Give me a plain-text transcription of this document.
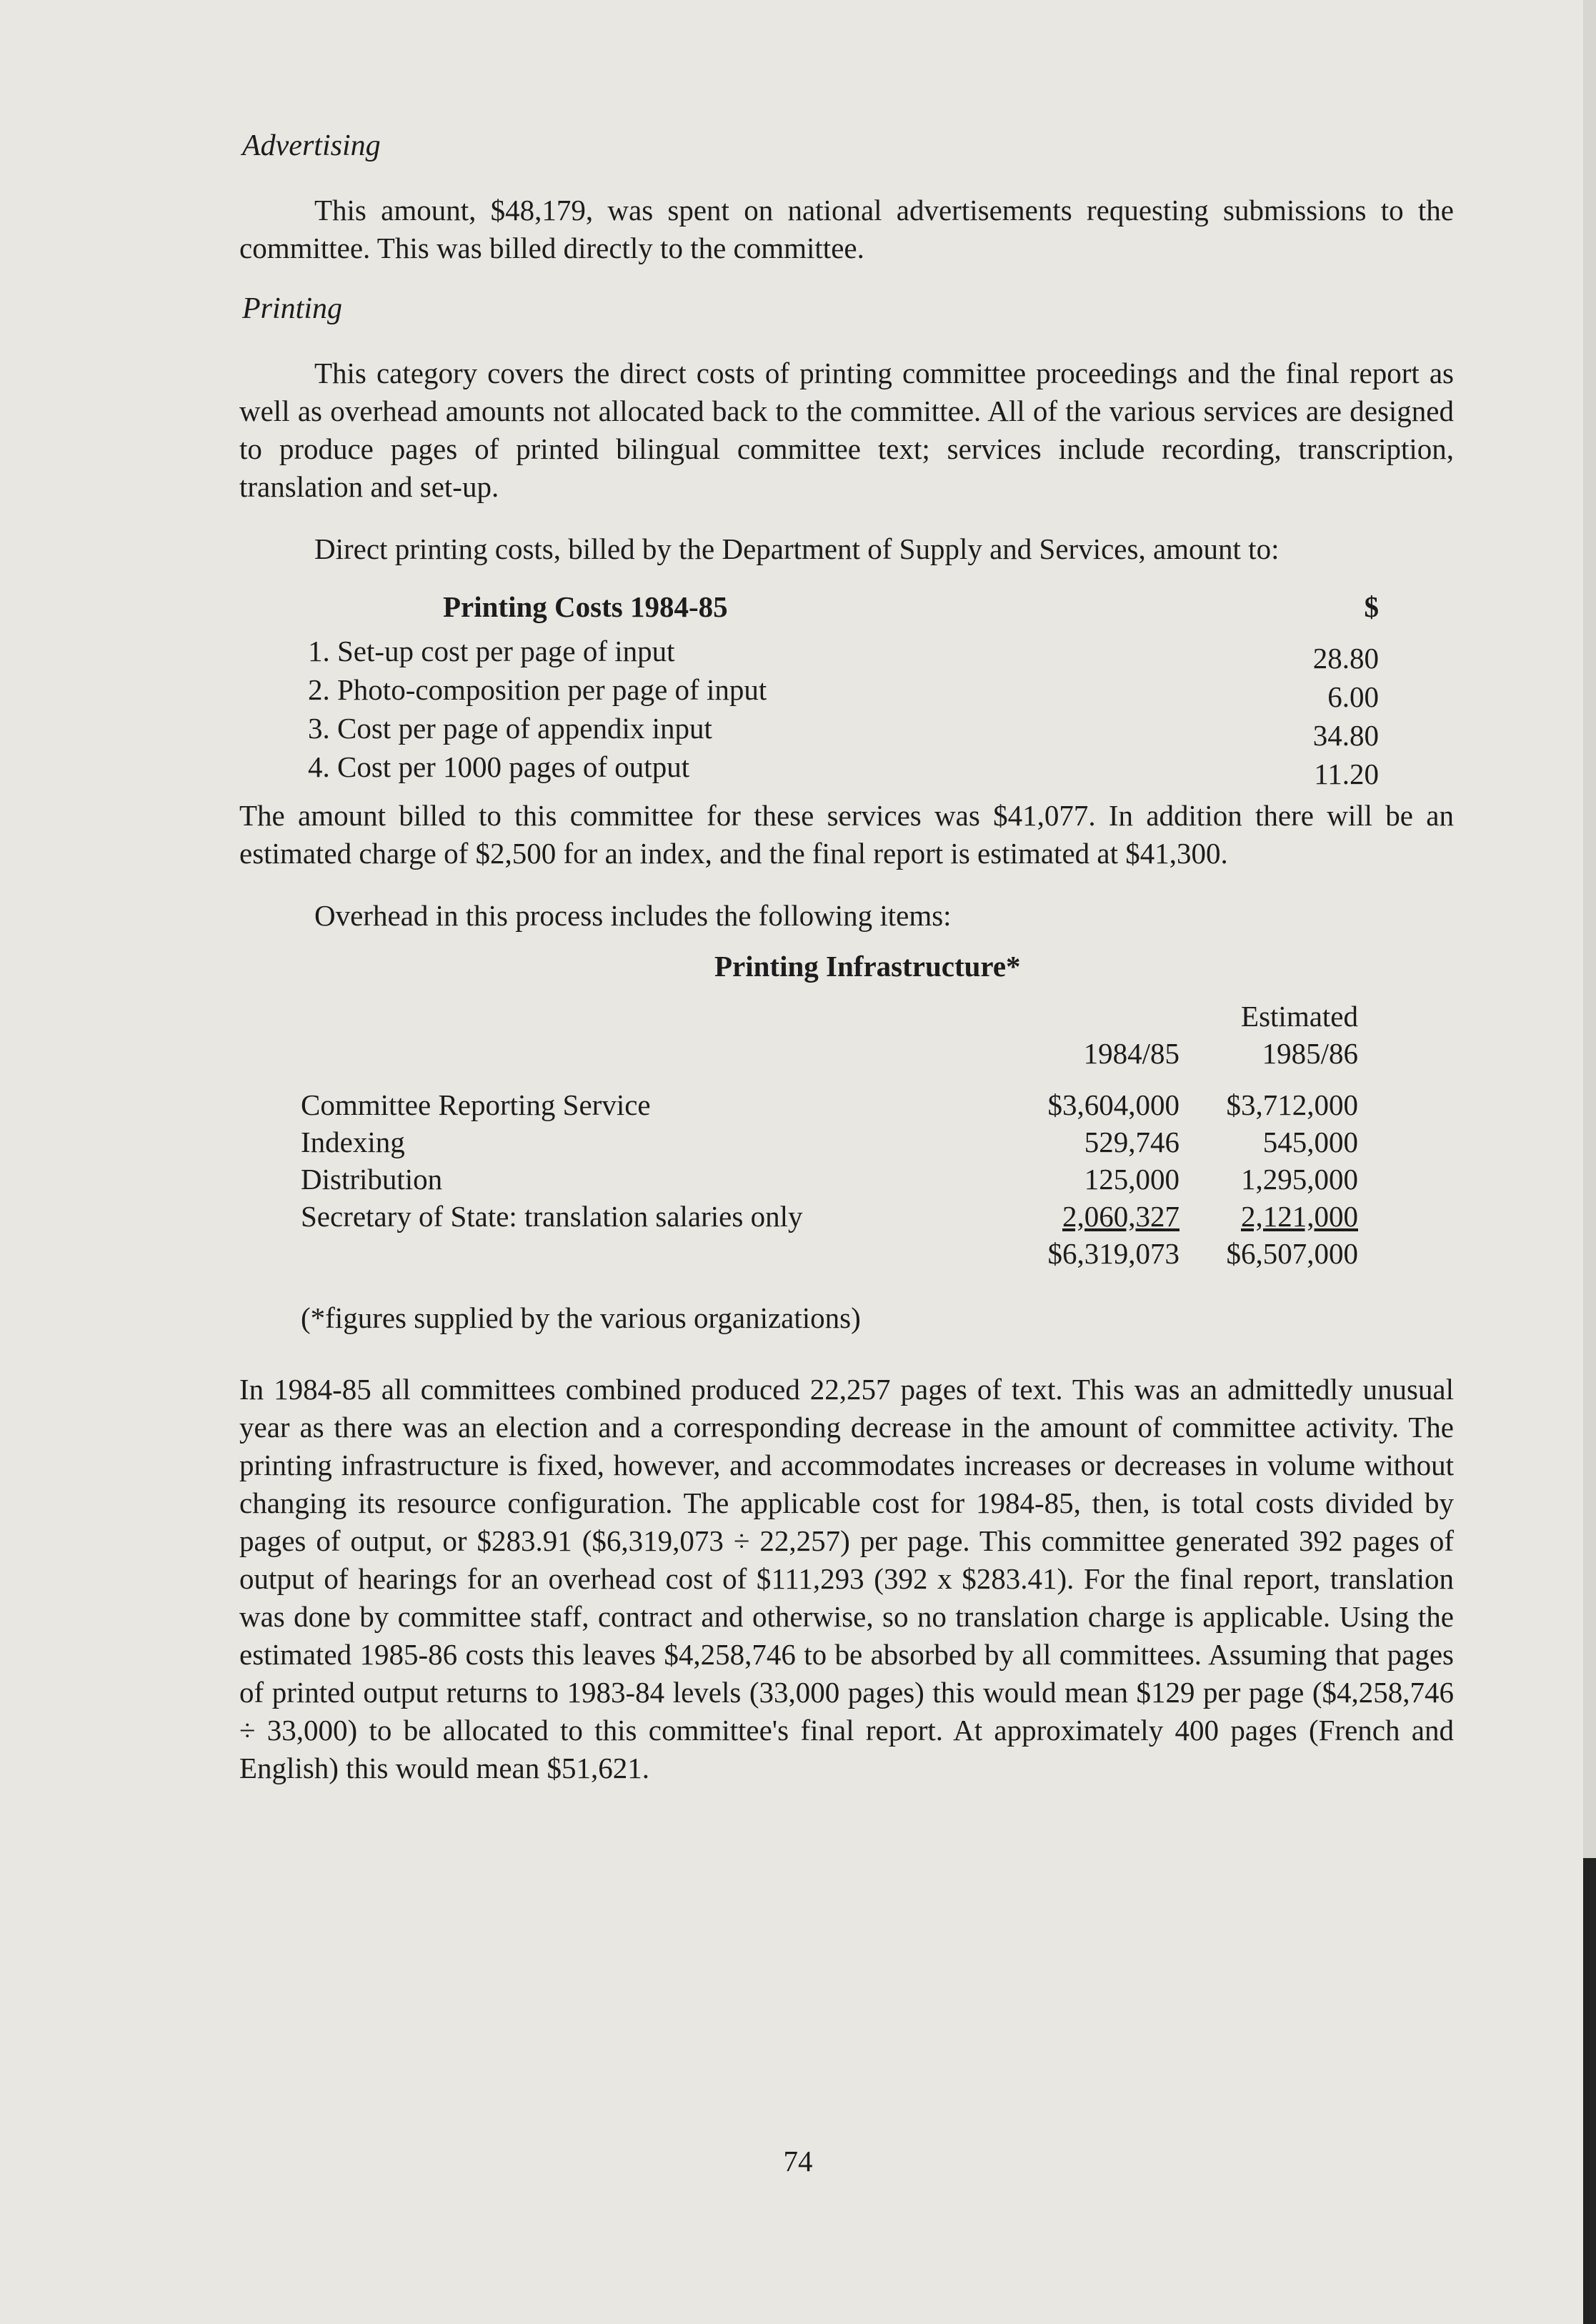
Advertising

This amount, $48,179, was spent on national advertisements requesting submissions to the committee. This was billed directly to the committee.

Printing

This category covers the direct costs of printing committee proceedings and the final report as well as overhead amounts not allocated back to the committee. All of the various services are designed to produce pages of printed bilingual committee text; services include recording, transcription, translation and set-up.

Direct printing costs, billed by the Department of Supply and Services, amount to:

Printing Costs 1984-85	$
1. Set-up cost per page of input	28.80
2. Photo-composition per page of input	6.00
3. Cost per page of appendix input	34.80
4. Cost per 1000 pages of output	11.20

The amount billed to this committee for these services was $41,077. In addition there will be an estimated charge of $2,500 for an index, and the final report is estimated at $41,300.

Overhead in this process includes the following items:

Printing Infrastructure*
		Estimated
	1984/85	1985/86

Committee Reporting Service	$3,604,000	$3,712,000
Indexing	529,746	545,000
Distribution	125,000	1,295,000
Secretary of State: translation salaries only	2,060,327	2,121,000
	$6,319,073	$6,507,000
(*figures supplied by the various organizations)

In 1984-85 all committees combined produced 22,257 pages of text. This was an admittedly unusual year as there was an election and a corresponding decrease in the amount of committee activity. The printing infrastructure is fixed, however, and accommodates increases or decreases in volume without changing its resource configuration. The applicable cost for 1984-85, then, is total costs divided by pages of output, or $283.91 ($6,319,073 ÷ 22,257) per page. This committee generated 392 pages of output of hearings for an overhead cost of $111,293 (392 x $283.41). For the final report, translation was done by committee staff, contract and otherwise, so no translation charge is applicable. Using the estimated 1985-86 costs this leaves $4,258,746 to be absorbed by all committees. Assuming that pages of printed output returns to 1983-84 levels (33,000 pages) this would mean $129 per page ($4,258,746 ÷ 33,000) to be allocated to this committee's final report. At approximately 400 pages (French and English) this would mean $51,621.

74
